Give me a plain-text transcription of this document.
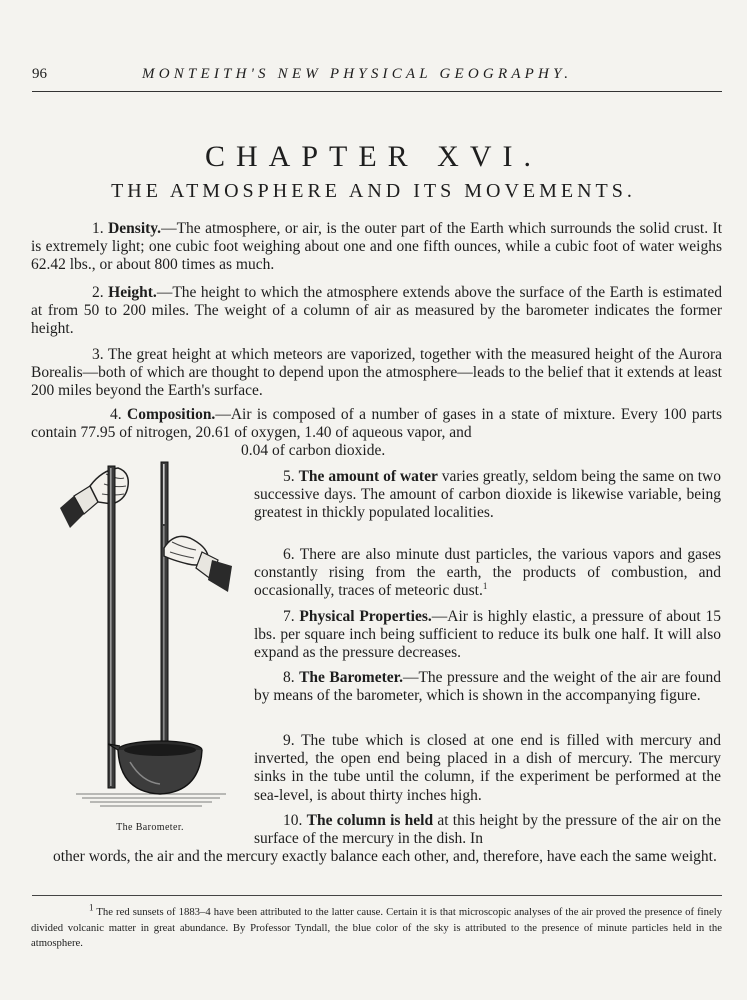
96	MONTEITH'S NEW PHYSICAL GEOGRAPHY.
CHAPTER XVI.
THE ATMOSPHERE AND ITS MOVEMENTS.

1. Density.—The atmosphere, or air, is the outer part of the Earth which surrounds the solid crust. It is extremely light; one cubic foot weighing about one and one fifth ounces, while a cubic foot of water weighs 62.42 lbs., or about 800 times as much.

2. Height.—The height to which the atmosphere extends above the surface of the Earth is estimated at from 50 to 200 miles. The weight of a column of air as measured by the barometer indicates the former height.

3. The great height at which meteors are vaporized, together with the measured height of the Aurora Borealis—both of which are thought to depend upon the atmosphere—leads to the belief that it extends at least 200 miles beyond the Earth's surface.

4. Composition.—Air is composed of a number of gases in a state of mixture. Every 100 parts contain 77.95 of nitrogen, 20.61 of oxygen, 1.40 of aqueous vapor, and

0.04 of carbon dioxide.

The Barometer.

5. The amount of water varies greatly, seldom being the same on two successive days. The amount of carbon dioxide is likewise variable, being greatest in thickly populated localities.

6. There are also minute dust particles, the various vapors and gases constantly rising from the earth, the products of combustion, and occasionally, traces of meteoric dust.$^1$

7. Physical Properties.—Air is highly elastic, a pressure of about 15 lbs. per square inch being sufficient to reduce its bulk one half. It will also expand as the pressure decreases.

8. The Barometer.—The pressure and the weight of the air are found by means of the barometer, which is shown in the accompanying figure.

9. The tube which is closed at one end is filled with mercury and inverted, the open end being placed in a dish of mercury. The mercury sinks in the tube until the column, if the experiment be performed at the sea-level, is about thirty inches high.

10. The column is held at this height by the pressure of the air on the surface of the mercury in the dish. In

other words, the air and the mercury exactly balance each other, and, therefore, have each the same weight.

$^1$ The red sunsets of 1883–4 have been attributed to the latter cause. Certain it is that microscopic analyses of the air proved the presence of finely divided volcanic matter in great abundance. By Professor Tyndall, the blue color of the sky is attributed to the presence of minute particles held in the atmosphere.
